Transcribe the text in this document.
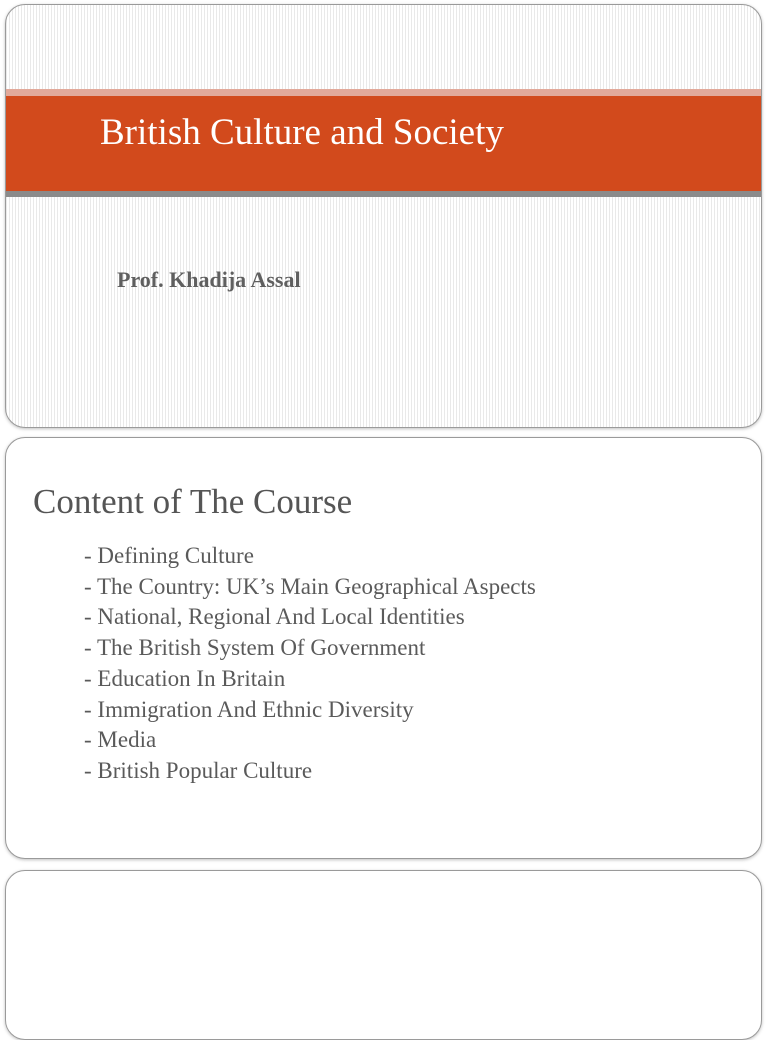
British Culture and Society
Prof. Khadija Assal
Content of The Course
- Defining Culture
- The Country: UK’s Main Geographical Aspects
- National, Regional And Local Identities
- The British System Of Government
- Education In Britain
- Immigration And Ethnic Diversity
- Media
- British Popular Culture
